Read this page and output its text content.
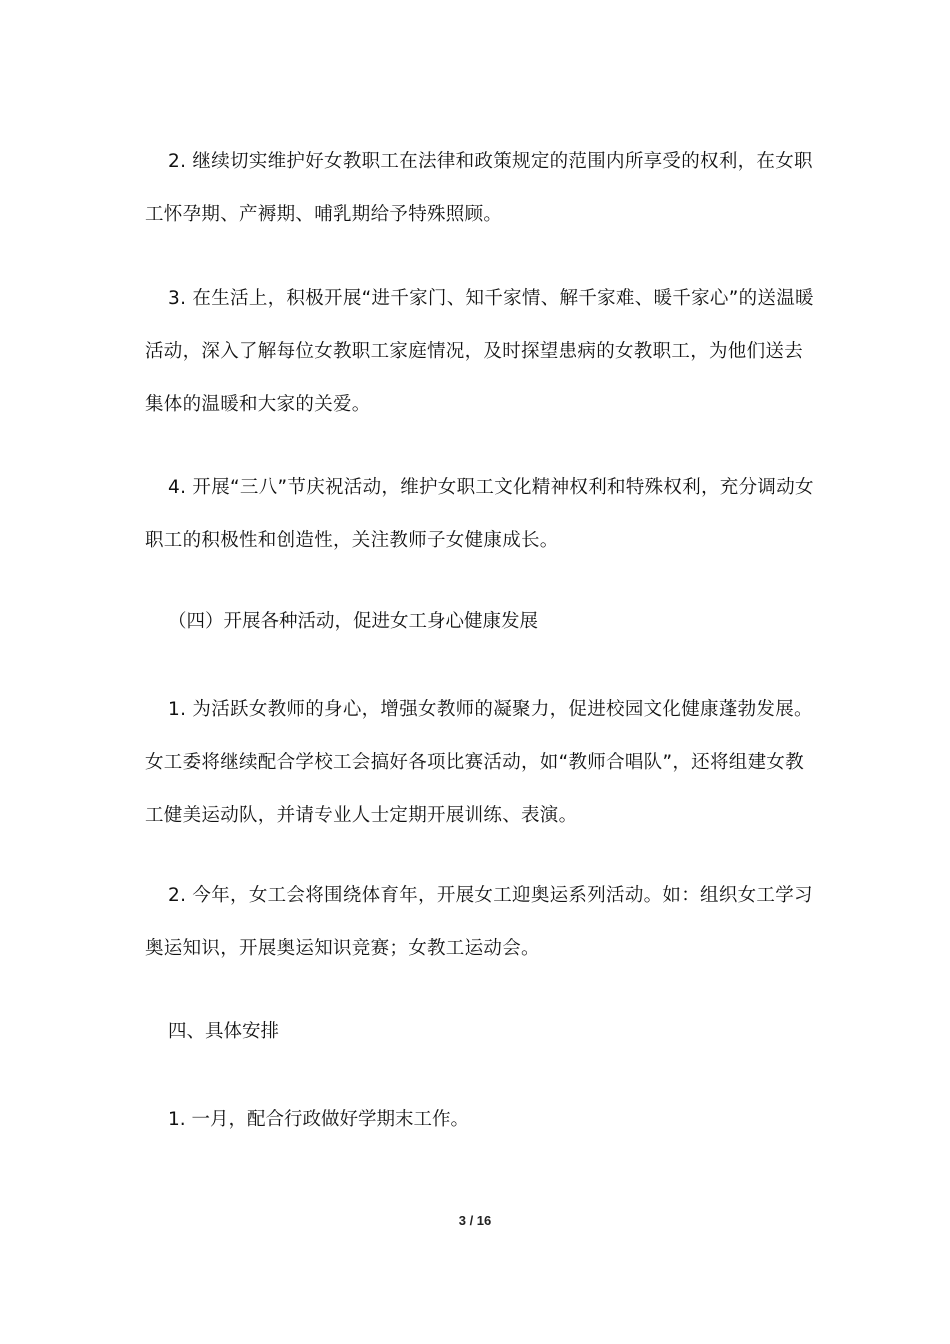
2. 继续切实维护好女教职工在法律和政策规定的范围内所享受的权利，在女职工怀孕期、产褥期、哺乳期给予特殊照顾。

3. 在生活上，积极开展“进千家门、知千家情、解千家难、暖千家心”的送温暖活动，深入了解每位女教职工家庭情况，及时探望患病的女教职工，为他们送去集体的温暖和大家的关爱。

4. 开展“三八”节庆祝活动，维护女职工文化精神权利和特殊权利，充分调动女职工的积极性和创造性，关注教师子女健康成长。

（四）开展各种活动，促进女工身心健康发展

1. 为活跃女教师的身心，增强女教师的凝聚力，促进校园文化健康蓬勃发展。女工委将继续配合学校工会搞好各项比赛活动，如“教师合唱队”，还将组建女教工健美运动队，并请专业人士定期开展训练、表演。

2. 今年，女工会将围绕体育年，开展女工迎奥运系列活动。如：组织女工学习奥运知识，开展奥运知识竞赛；女教工运动会。

四、具体安排

1. 一月，配合行政做好学期末工作。

3 / 16
